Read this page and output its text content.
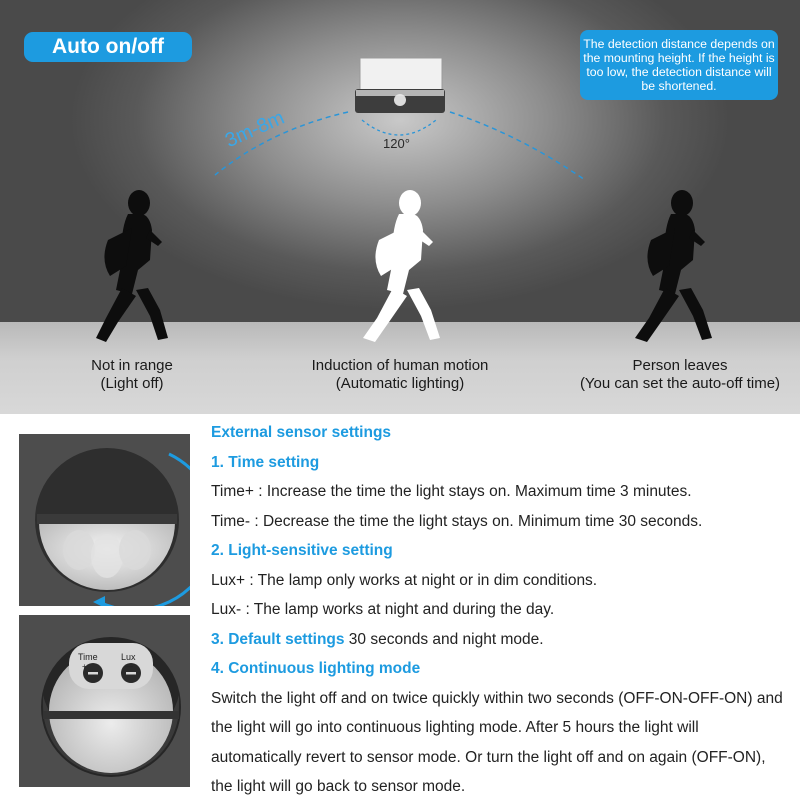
Auto on/off	The detection distance depends on the mounting height. If the height is too low, the detection distance will be shortened.
3m-8m	120°
Not in range
(Light off)
Induction of human motion
(Automatic lighting)
Person leaves
(You can set the auto-off time)
Time	Lux
+	—

External sensor settings

1. Time setting

Time+ : Increase the time the light stays on. Maximum time 3 minutes.

Time- : Decrease the time the light stays on. Minimum time 30 seconds.

2. Light-sensitive setting

Lux+ : The lamp only works at night or in dim conditions.

Lux- : The lamp works at night and during the day.

3. Default settings 30 seconds and night mode.

4. Continuous lighting mode

Switch the light off and on twice quickly within two seconds (OFF-ON-OFF-ON) and the light will go into continuous lighting mode. After 5 hours the light will automatically revert to sensor mode. Or turn the light off and on again (OFF-ON), the light will go back to sensor mode.
